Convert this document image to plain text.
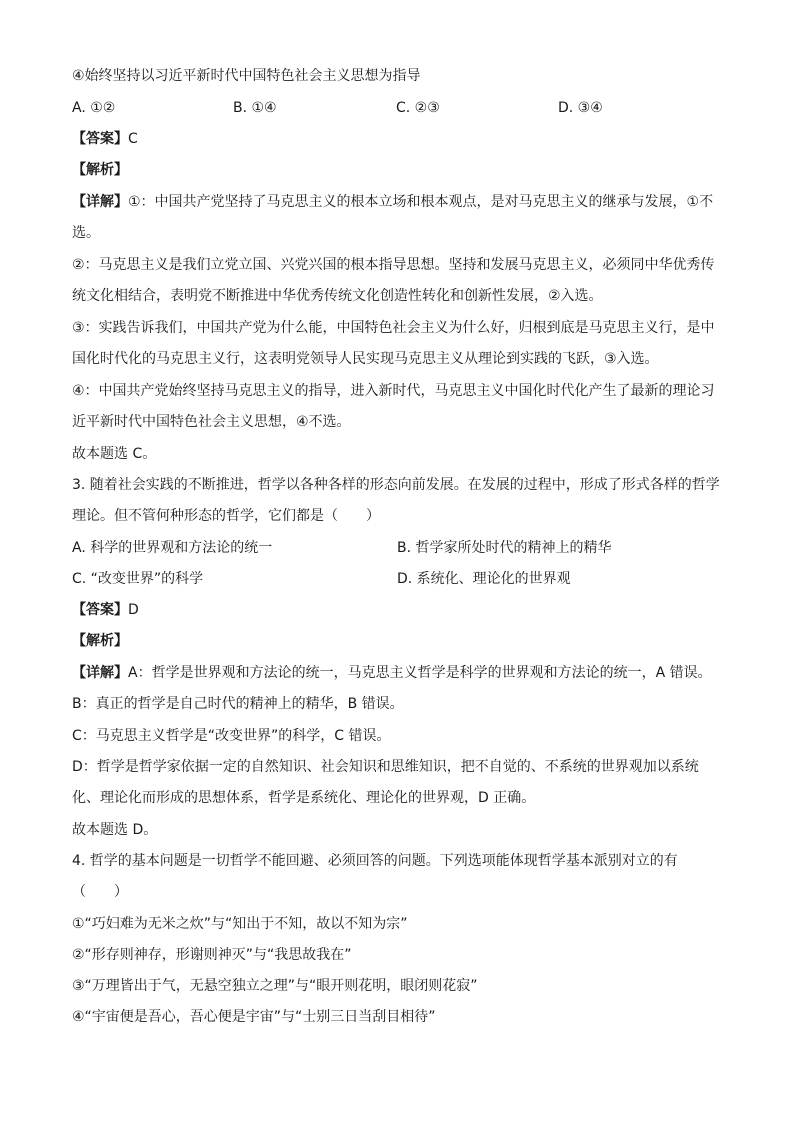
④始终坚持以习近平新时代中国特色社会主义思想为指导
A. ①②	B. ①④	C. ②③	D. ③④
【答案】C
【解析】
【详解】①：中国共产党坚持了马克思主义的根本立场和根本观点，是对马克思主义的继承与发展，①不
选。
②：马克思主义是我们立党立国、兴党兴国的根本指导思想。坚持和发展马克思主义，必须同中华优秀传
统文化相结合，表明党不断推进中华优秀传统文化创造性转化和创新性发展，②入选。
③：实践告诉我们，中国共产党为什么能，中国特色社会主义为什么好，归根到底是马克思主义行，是中
国化时代化的马克思主义行，这表明党领导人民实现马克思主义从理论到实践的飞跃，③入选。
④：中国共产党始终坚持马克思主义的指导，进入新时代，马克思主义中国化时代化产生了最新的理论习
近平新时代中国特色社会主义思想，④不选。
故本题选 C。
3. 随着社会实践的不断推进，哲学以各种各样的形态向前发展。在发展的过程中，形成了形式各样的哲学
理论。但不管何种形态的哲学，它们都是（　　）
A. 科学的世界观和方法论的统一	B. 哲学家所处时代的精神上的精华
C. “改变世界”的科学	D. 系统化、理论化的世界观
【答案】D
【解析】
【详解】A：哲学是世界观和方法论的统一，马克思主义哲学是科学的世界观和方法论的统一，A 错误。
B：真正的哲学是自己时代的精神上的精华，B 错误。
C：马克思主义哲学是“改变世界”的科学，C 错误。
D：哲学是哲学家依据一定的自然知识、社会知识和思维知识，把不自觉的、不系统的世界观加以系统
化、理论化而形成的思想体系，哲学是系统化、理论化的世界观，D 正确。
故本题选 D。
4. 哲学的基本问题是一切哲学不能回避、必须回答的问题。下列选项能体现哲学基本派别对立的有
（　　）
①“巧妇难为无米之炊”与“知出于不知，故以不知为宗”
②“形存则神存，形谢则神灭”与“我思故我在”
③“万理皆出于气，无悬空独立之理”与“眼开则花明，眼闭则花寂”
④“宇宙便是吾心，吾心便是宇宙”与“士别三日当刮目相待”
